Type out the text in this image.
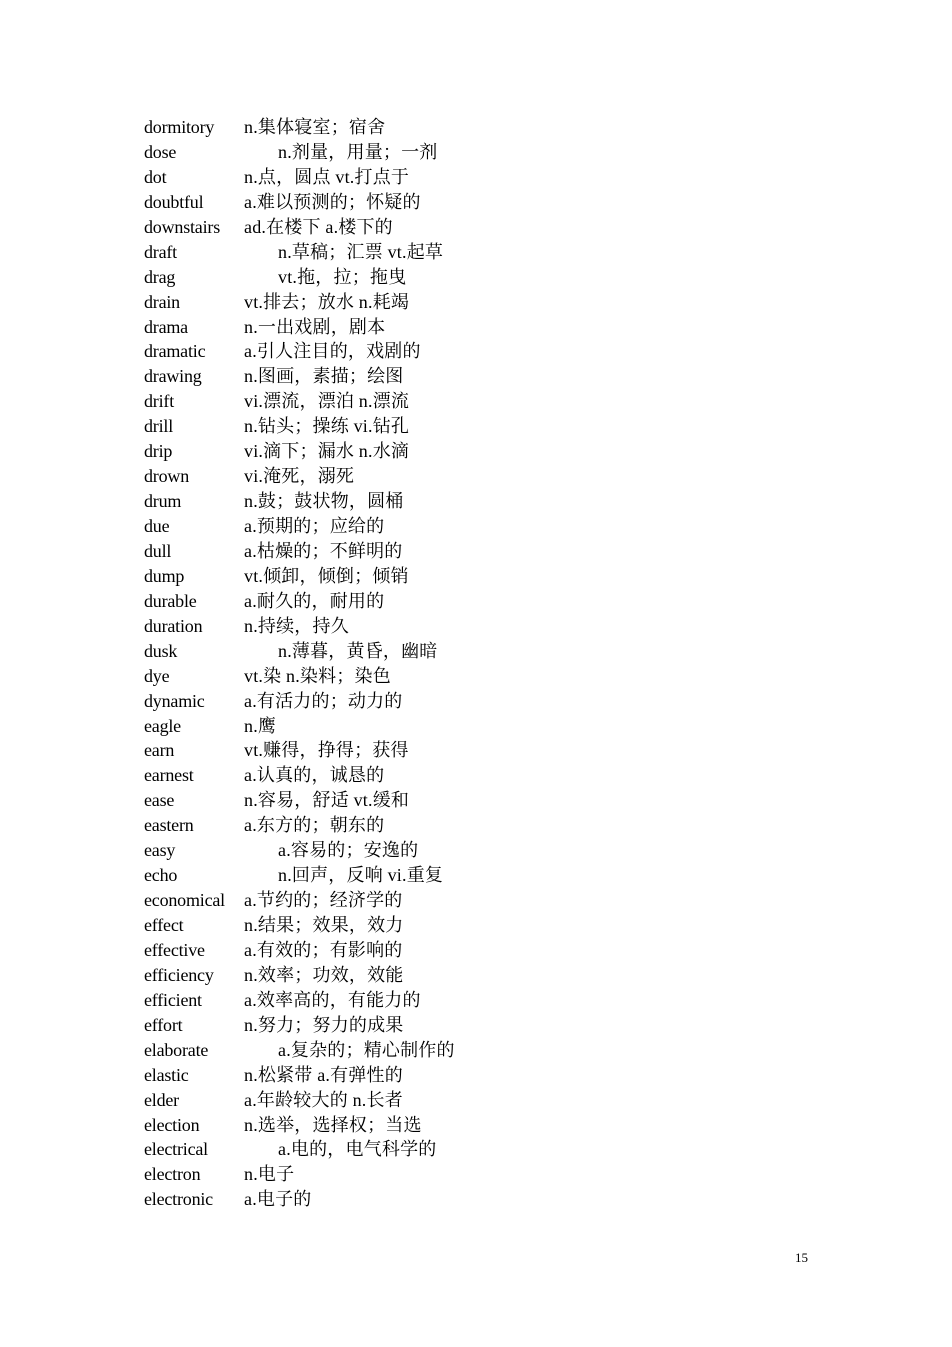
dormitory n.集体寝室；宿舍
dose	n.剂量，用量；一剂
dot	n.点，圆点 vt.打点于
doubtful a.难以预测的；怀疑的
downstairs ad.在楼下 a.楼下的
draft	n.草稿；汇票 vt.起草
drag	vt.拖，拉；拖曳
drain	vt.排去；放水 n.耗竭
drama	n.一出戏剧，剧本
dramatic a.引人注目的，戏剧的
drawing n.图画，素描；绘图
drift	vi.漂流，漂泊 n.漂流
drill	n.钻头；操练 vi.钻孔
drip	vi.滴下；漏水 n.水滴
drown	vi.淹死，溺死
drum	n.鼓；鼓状物，圆桶
due	a.预期的；应给的
dull	a.枯燥的；不鲜明的
dump	vt.倾卸，倾倒；倾销
durable	a.耐久的，耐用的
duration n.持续，持久
dusk	n.薄暮，黄昏，幽暗
dye	vt.染 n.染料；染色
dynamic a.有活力的；动力的
eagle	n.鹰
earn	vt.赚得，挣得；获得
earnest	a.认真的，诚恳的
ease	n.容易，舒适 vt.缓和
eastern	a.东方的；朝东的
easy	a.容易的；安逸的
echo	n.回声，反响 vi.重复
economical a.节约的；经济学的
effect	n.结果；效果，效力
effective a.有效的；有影响的
efficiency n.效率；功效，效能
efficient a.效率高的，有能力的
effort	n.努力；努力的成果
elaborate	a.复杂的；精心制作的
elastic	n.松紧带 a.有弹性的
elder	a.年龄较大的 n.长者
election n.选举，选择权；当选
electrical	a.电的，电气科学的
electron n.电子
electronic a.电子的
15
